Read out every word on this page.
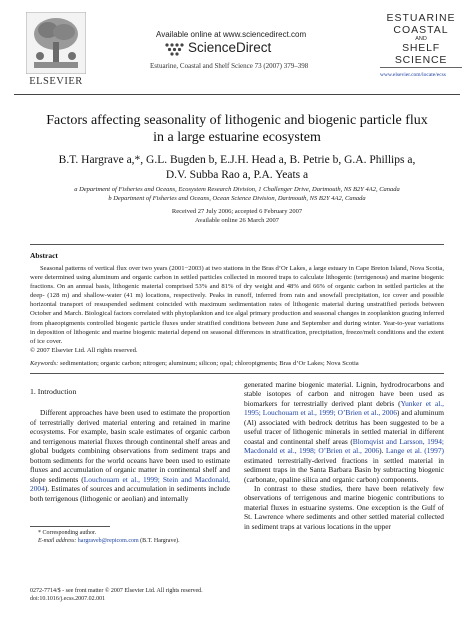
ELSEVIER
Available online at www.sciencedirect.com
ScienceDirect
Estuarine, Coastal and Shelf Science 73 (2007) 379–398
ESTUARINE
COASTAL
AND
SHELF SCIENCE
www.elsevier.com/locate/ecss
Factors affecting seasonality of lithogenic and biogenic particle flux in a large estuarine ecosystem
B.T. Hargrave a,*, G.L. Bugden b, E.J.H. Head a, B. Petrie b, G.A. Phillips a,
D.V. Subba Rao a, P.A. Yeats a
a Department of Fisheries and Oceans, Ecosystem Research Division, 1 Challenger Drive, Dartmouth, NS B2Y 4A2, Canada
b Department of Fisheries and Oceans, Ocean Science Division, Dartmouth, NS B2Y 4A2, Canada
Received 27 July 2006; accepted 6 February 2007
Available online 26 March 2007
Abstract
Seasonal patterns of vertical flux over two years (2001−2003) at two stations in the Bras d’Or Lakes, a large estuary in Cape Breton Island, Nova Scotia, were determined using aluminum and organic carbon in settled particles collected in moored traps to calculate lithogenic (terrigenous) and marine biogenic fractions. On an annual basis, lithogenic material comprised 53% and 81% of dry weight and 48% and 66% of organic carbon in settled particles at the deep- (128 m) and shallow-water (41 m) locations, respectively. Peaks in runoff, inferred from rain and snowfall precipitation, ice cover and possible horizontal transport of resuspended sediment coincided with maximum sedimentation rates of lithogenic material during unstratified periods between October and March. Biological factors correlated with phytoplankton and ice algal primary production and seasonal changes in zooplankton grazing inferred from phaeopigments controlled biogenic particle fluxes under stratified conditions between June and September and during winter. Year-to-year variations in deposition of lithogenic and marine biogenic material depend on seasonal differences in stratification, precipitation, freeze/melt conditions and the extent of ice cover.
© 2007 Elsevier Ltd. All rights reserved.
Keywords: sedimentation; organic carbon; nitrogen; aluminum; silicon; opal; chloropigments; Bras d’Or Lakes; Nova Scotia
1. Introduction
Different approaches have been used to estimate the proportion of terrestrially derived material entering and retained in marine ecosystems. For example, basin scale estimates of organic carbon and terrigenous material fluxes through continental shelf areas and global budgets combining observations from sediment traps and bottom sediments for the world oceans have been used to estimate fluxes and accumulation of organic matter in continental shelf and slope sediments (Louchouarn et al., 1999; Stein and Macdonald, 2004). Estimates of sources and accumulation in sediments include both terrigenous (lithogenic or aeolian) and internally
generated marine biogenic material. Lignin, hydrodrocarbons and stable isotopes of carbon and nitrogen have been used as biomarkers for terrestrially derived plant debris (Yunker et al., 1995; Louchouarn et al., 1999; O’Brien et al., 2006) and aluminum (Al) associated with bedrock detritus has been suggested to be a useful tracer of lithogenic minerals in settled material in different coastal and continental shelf areas (Blomqvist and Larsson, 1994; Macdonald et al., 1998; O’Brien et al., 2006). Lange et al. (1997) estimated terrestrially-derived fractions in settled material in sediment traps in the Santa Barbara Basin by subtracting biogenic (carbonate, opaline silica and organic carbon) components.
In contrast to these studies, there have been relatively few observations of terrigenous and marine biogenic contributions to material fluxes in estuarine systems. One exception is the Gulf of St. Lawrence where sediments and other settled material collected in sediment traps at various locations in the upper
* Corresponding author.
E-mail address: hargraveb@repicom.com (B.T. Hargrave).
0272-7714/$ - see front matter © 2007 Elsevier Ltd. All rights reserved.
doi:10.1016/j.ecss.2007.02.001
